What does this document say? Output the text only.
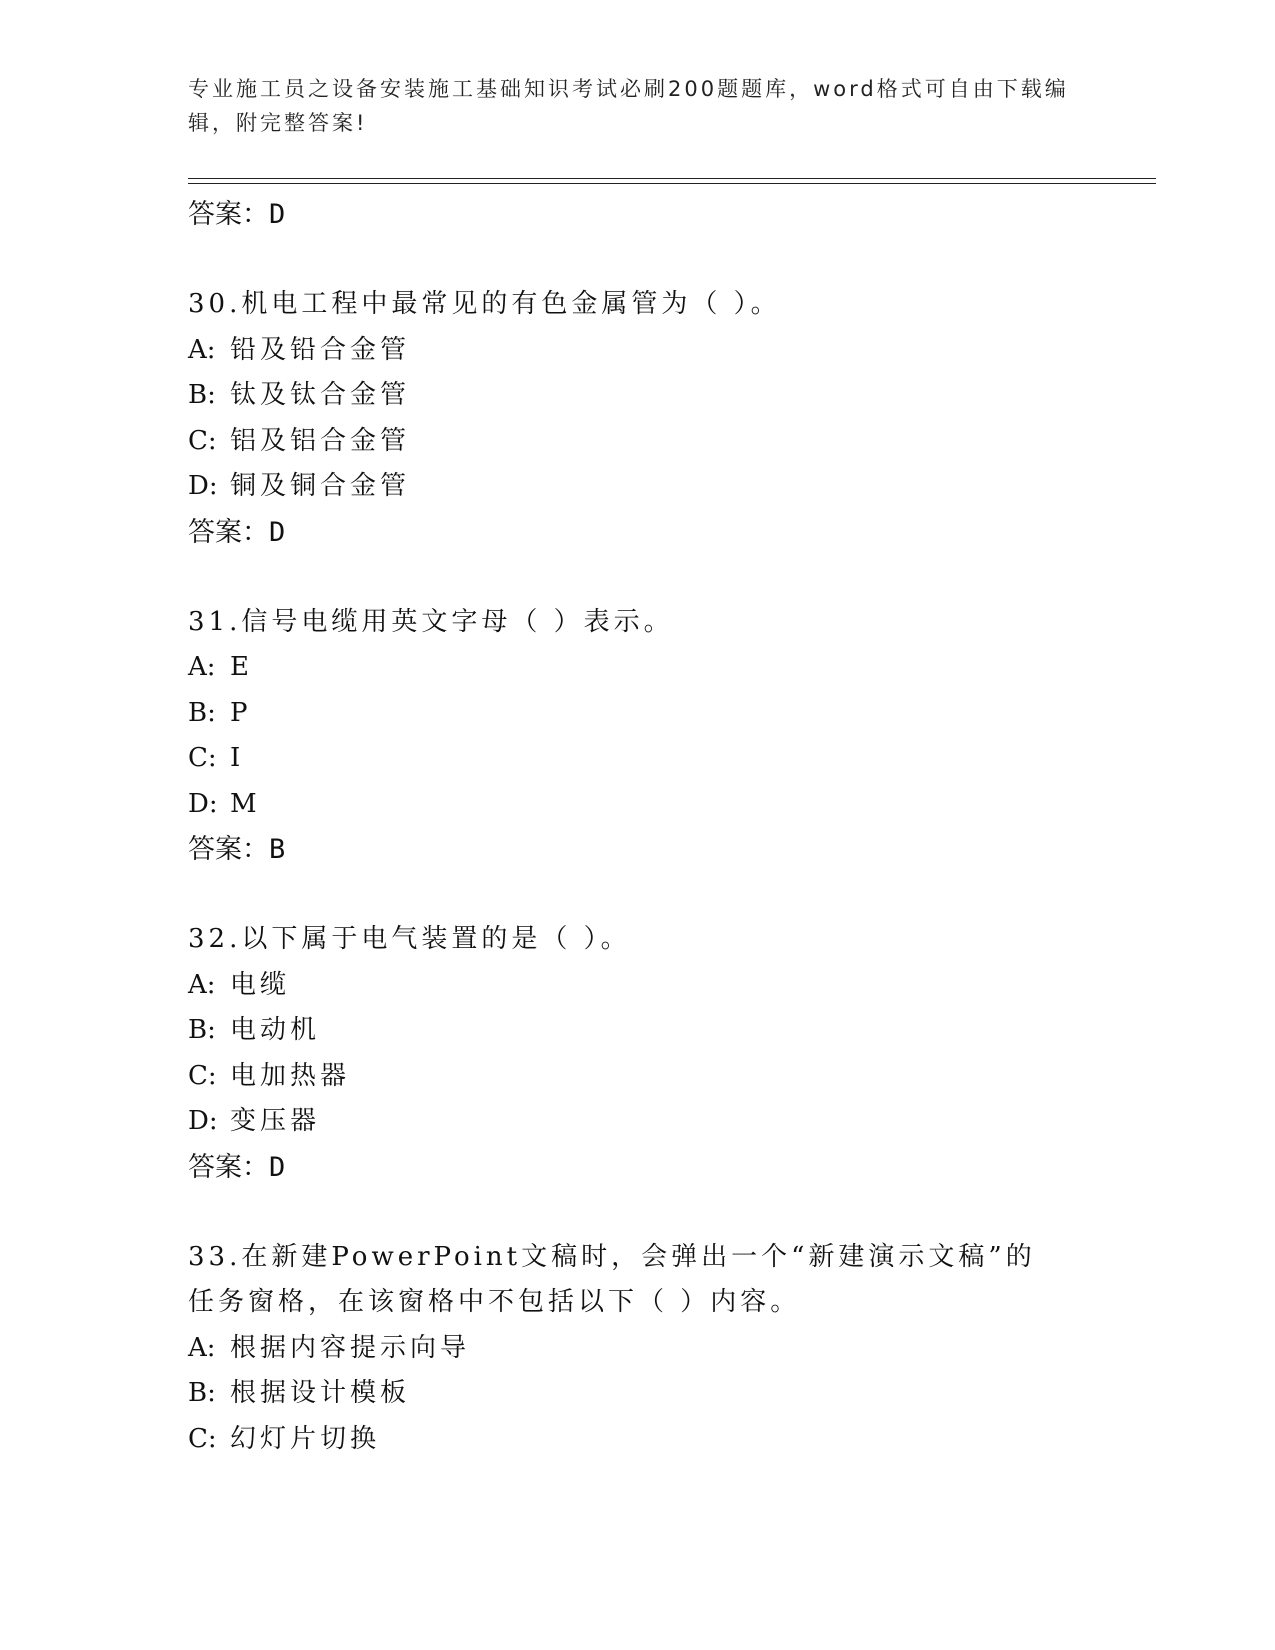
专业施工员之设备安装施工基础知识考试必刷200题题库，word格式可自由下载编辑，附完整答案!
答案：D
30.机电工程中最常见的有色金属管为（ ）。
A: 铅及铅合金管
B: 钛及钛合金管
C: 铝及铝合金管
D: 铜及铜合金管
答案：D
31.信号电缆用英文字母（ ）表示。
A: E
B: P
C: I
D: M
答案：B
32.以下属于电气装置的是（ ）。
A: 电缆
B: 电动机
C: 电加热器
D: 变压器
答案：D
33.在新建PowerPoint文稿时，会弹出一个“新建演示文稿”的任务窗格，在该窗格中不包括以下（ ）内容。
A: 根据内容提示向导
B: 根据设计模板
C: 幻灯片切换
